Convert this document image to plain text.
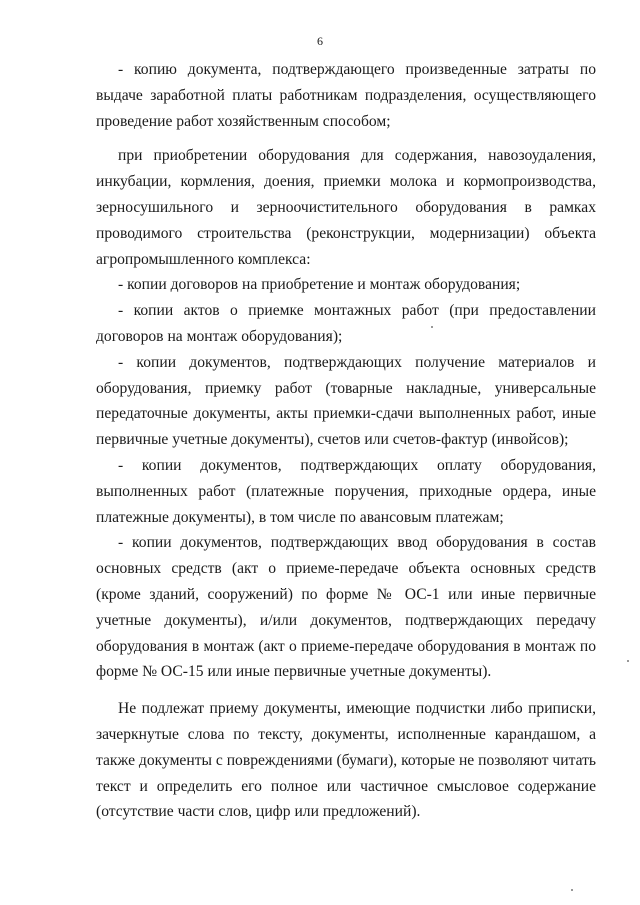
6

- копию документа, подтверждающего произведенные затраты по выдаче заработной платы работникам подразделения, осуществляющего проведение работ хозяйственным способом;

при приобретении оборудования для содержания, навозоудаления, инкубации, кормления, доения, приемки молока и кормопроизводства, зерносушильного и зерноочистительного оборудования в рамках проводимого строительства (реконструкции, модернизации) объекта агропромышленного комплекса:

- копии договоров на приобретение и монтаж оборудования;

- копии актов о приемке монтажных работ (при предоставлении договоров на монтаж оборудования);

- копии документов, подтверждающих получение материалов и оборудования, приемку работ (товарные накладные, универсальные передаточные документы, акты приемки-сдачи выполненных работ, иные первичные учетные документы), счетов или счетов-фактур (инвойсов);

- копии документов, подтверждающих оплату оборудования, выполненных работ (платежные поручения, приходные ордера, иные платежные документы), в том числе по авансовым платежам;

- копии документов, подтверждающих ввод оборудования в состав основных средств (акт о приеме-передаче объекта основных средств (кроме зданий, сооружений) по форме № ОС-1 или иные первичные учетные документы), и/или документов, подтверждающих передачу оборудования в монтаж (акт о приеме-передаче оборудования в монтаж по форме № ОС-15 или иные первичные учетные документы).

Не подлежат приему документы, имеющие подчистки либо приписки, зачеркнутые слова по тексту, документы, исполненные карандашом, а также документы с повреждениями (бумаги), которые не позволяют читать текст и определить его полное или частичное смысловое содержание (отсутствие части слов, цифр или предложений).
